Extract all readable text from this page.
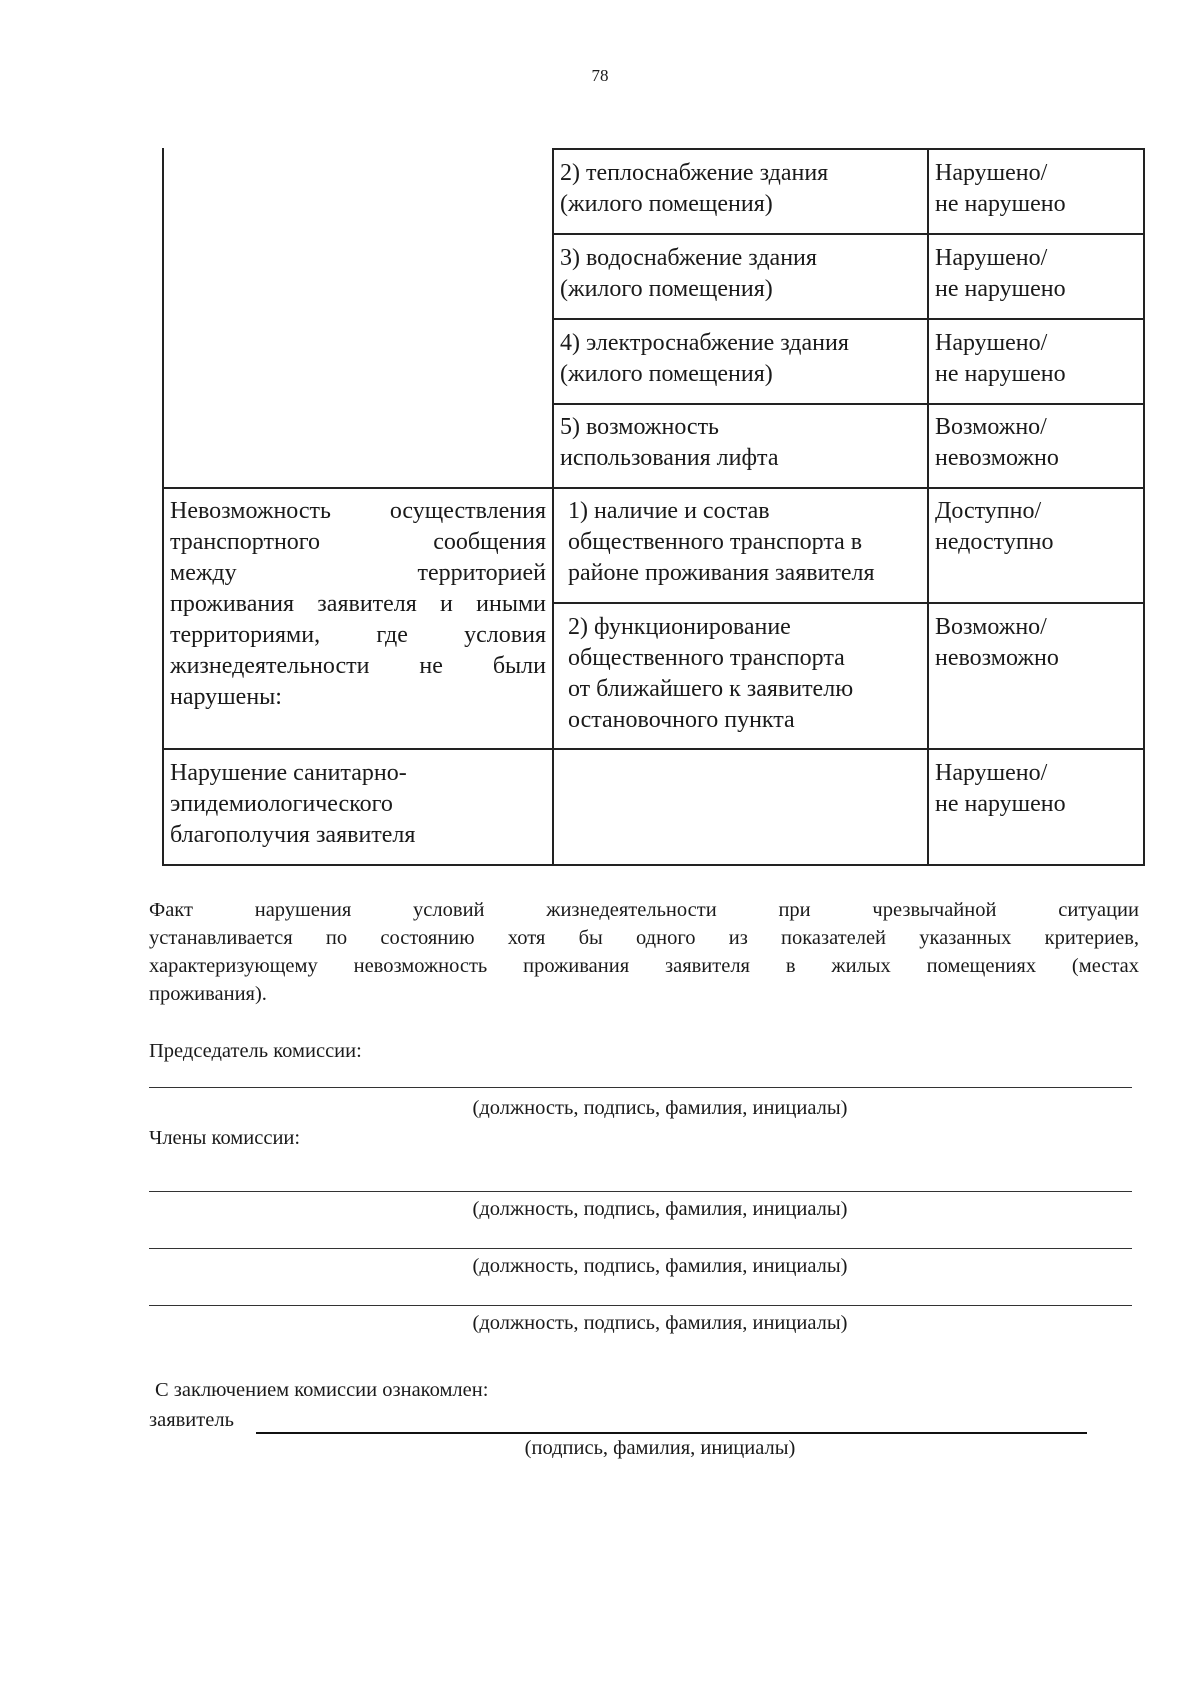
78
2) теплоснабжение здания
(жилого помещения)
Нарушено/
не нарушено
3) водоснабжение здания
(жилого помещения)
Нарушено/
не нарушено
4) электроснабжение здания
(жилого помещения)
Нарушено/
не нарушено
5) возможность
использования лифта
Возможно/
невозможно
Невозможность осуществления
транспортного сообщения
между территорией
проживания заявителя и иными
территориями, где условия
жизнедеятельности не были
нарушены:
1) наличие и состав
общественного транспорта в
районе проживания заявителя
Доступно/
недоступно
2) функционирование
общественного транспорта
от ближайшего к заявителю
остановочного пункта
Возможно/
невозможно
Нарушение санитарно-
эпидемиологического
благополучия заявителя
Нарушено/
не нарушено
Факт нарушения условий жизнедеятельности при чрезвычайной ситуации
устанавливается по состоянию хотя бы одного из показателей указанных критериев,
характеризующему невозможность проживания заявителя в жилых помещениях (местах
проживания).
Председатель комиссии:
(должность, подпись, фамилия, инициалы)
Члены комиссии:
(должность, подпись, фамилия, инициалы)
(должность, подпись, фамилия, инициалы)
(должность, подпись, фамилия, инициалы)
С заключением комиссии ознакомлен:
заявитель
(подпись, фамилия, инициалы)
